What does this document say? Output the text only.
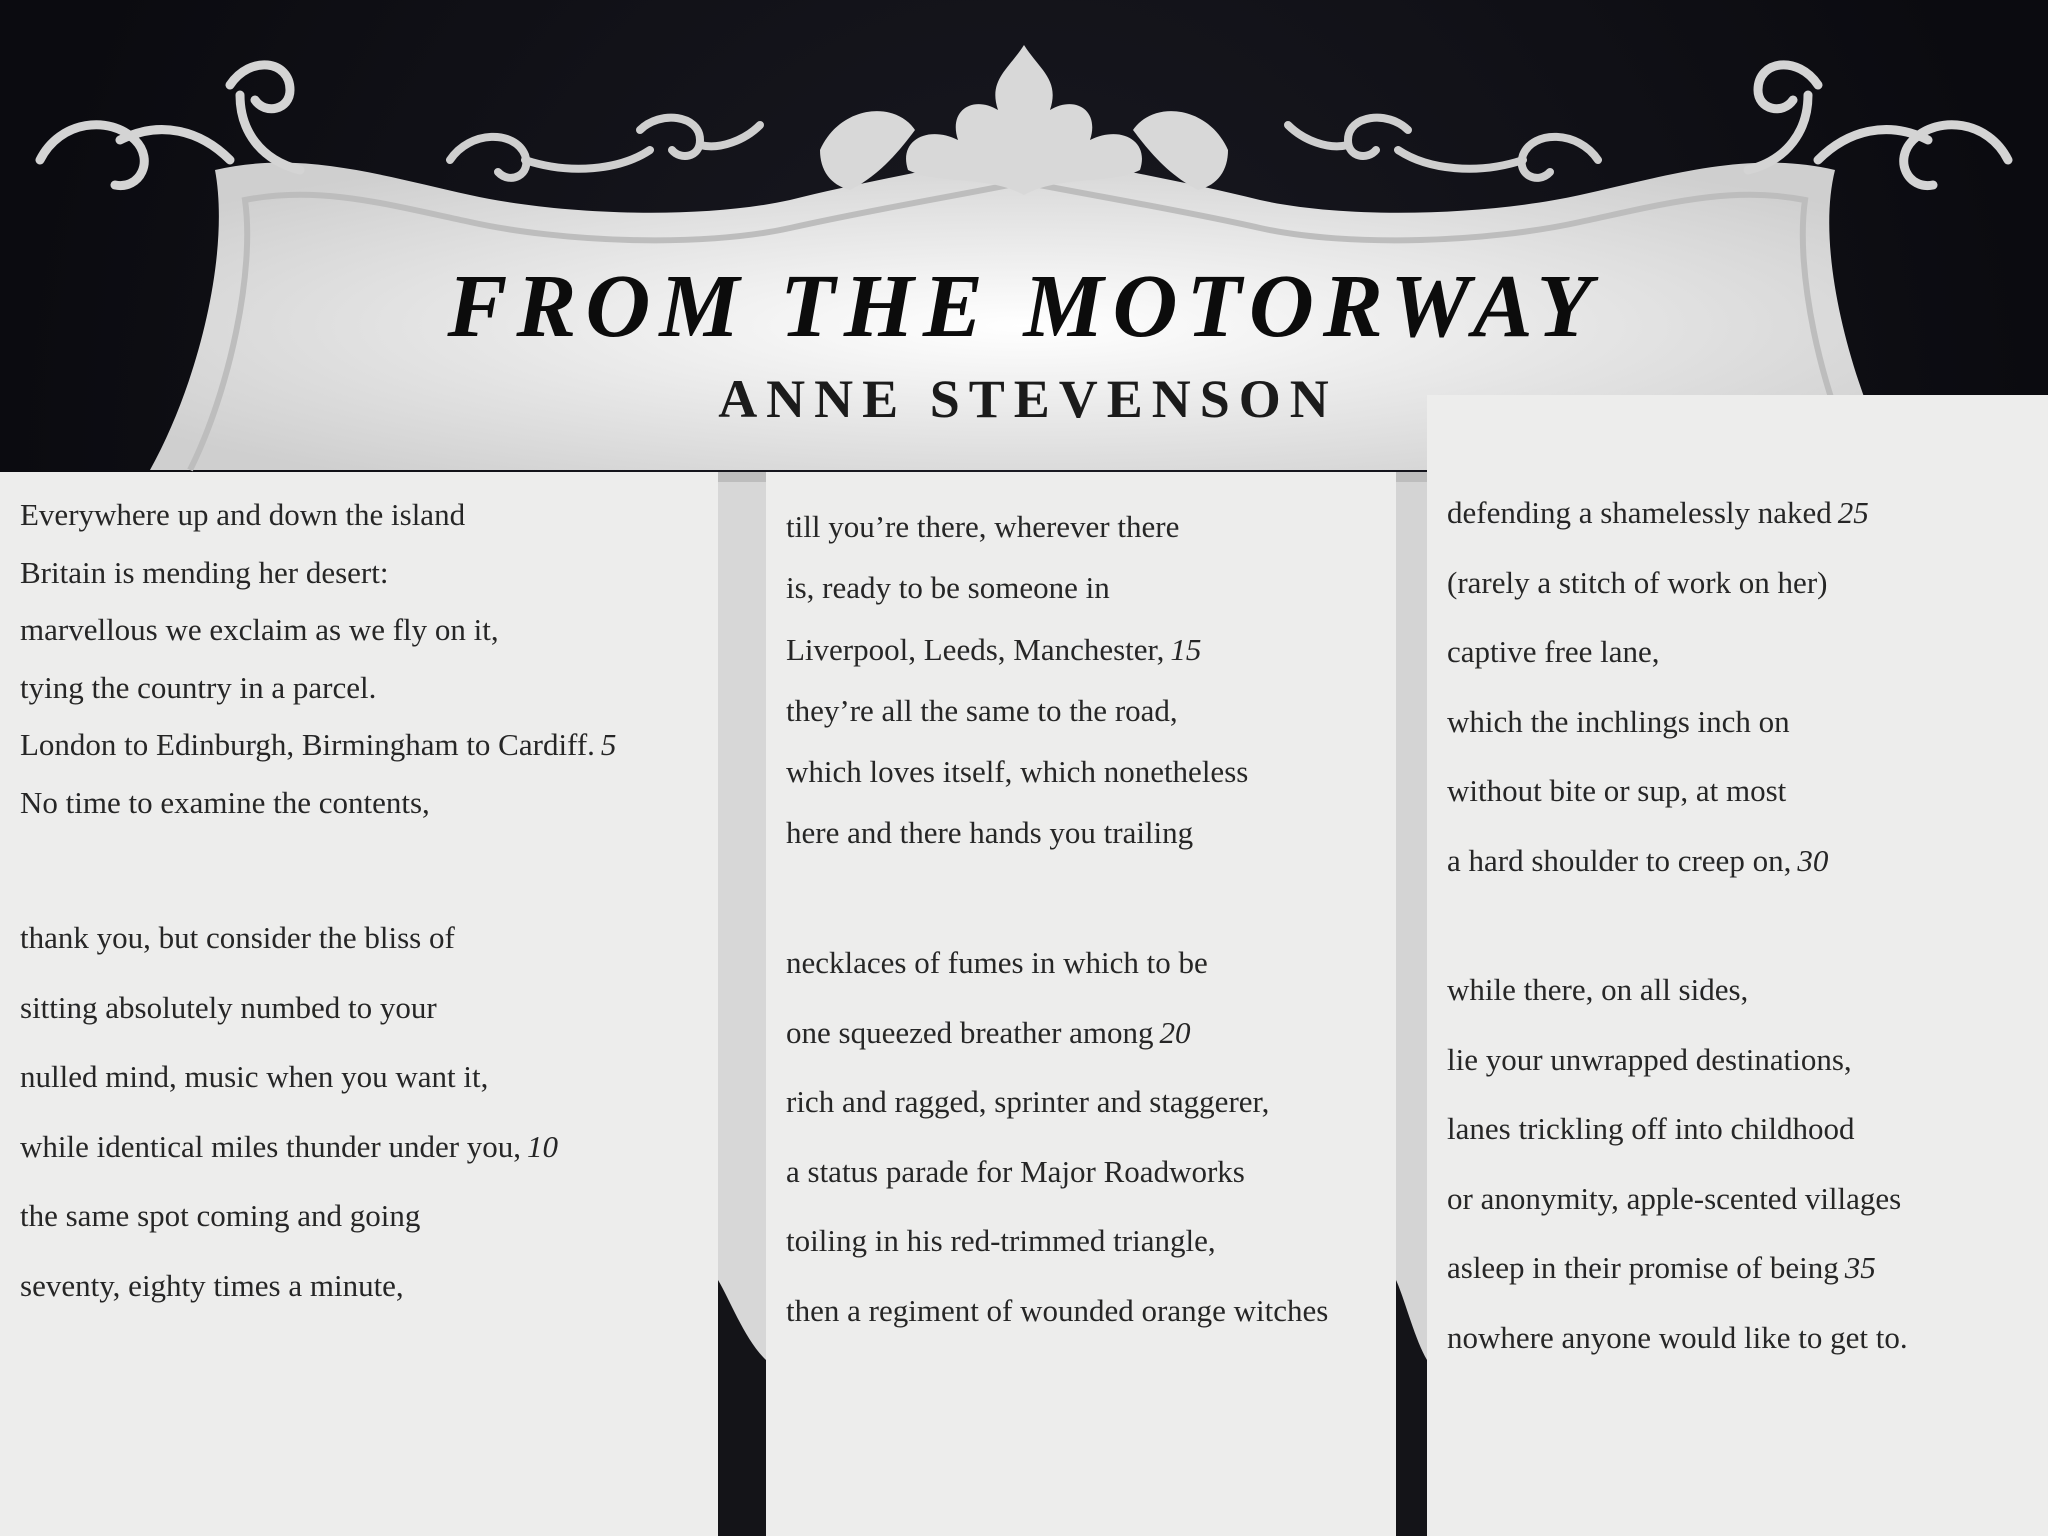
FROM THE MOTORWAY
ANNE STEVENSON
Everywhere up and down the island
Britain is mending her desert:
marvellous we exclaim as we fly on it,
tying the country in a parcel.
London to Edinburgh, Birmingham to Cardiff. 5
No time to examine the contents,
thank you, but consider the bliss of
sitting absolutely numbed to your
nulled mind, music when you want it,
while identical miles thunder under you, 10
the same spot coming and going
seventy, eighty times a minute,
till you’re there, wherever there
is, ready to be someone in
Liverpool, Leeds, Manchester, 15
they’re all the same to the road,
which loves itself, which nonetheless
here and there hands you trailing
necklaces of fumes in which to be
one squeezed breather among 20
rich and ragged, sprinter and staggerer,
a status parade for Major Roadworks
toiling in his red-trimmed triangle,
then a regiment of wounded orange witches
defending a shamelessly naked 25
(rarely a stitch of work on her)
captive free lane,
which the inchlings inch on
without bite or sup, at most
a hard shoulder to creep on, 30
while there, on all sides,
lie your unwrapped destinations,
lanes trickling off into childhood
or anonymity, apple-scented villages
asleep in their promise of being 35
nowhere anyone would like to get to.
